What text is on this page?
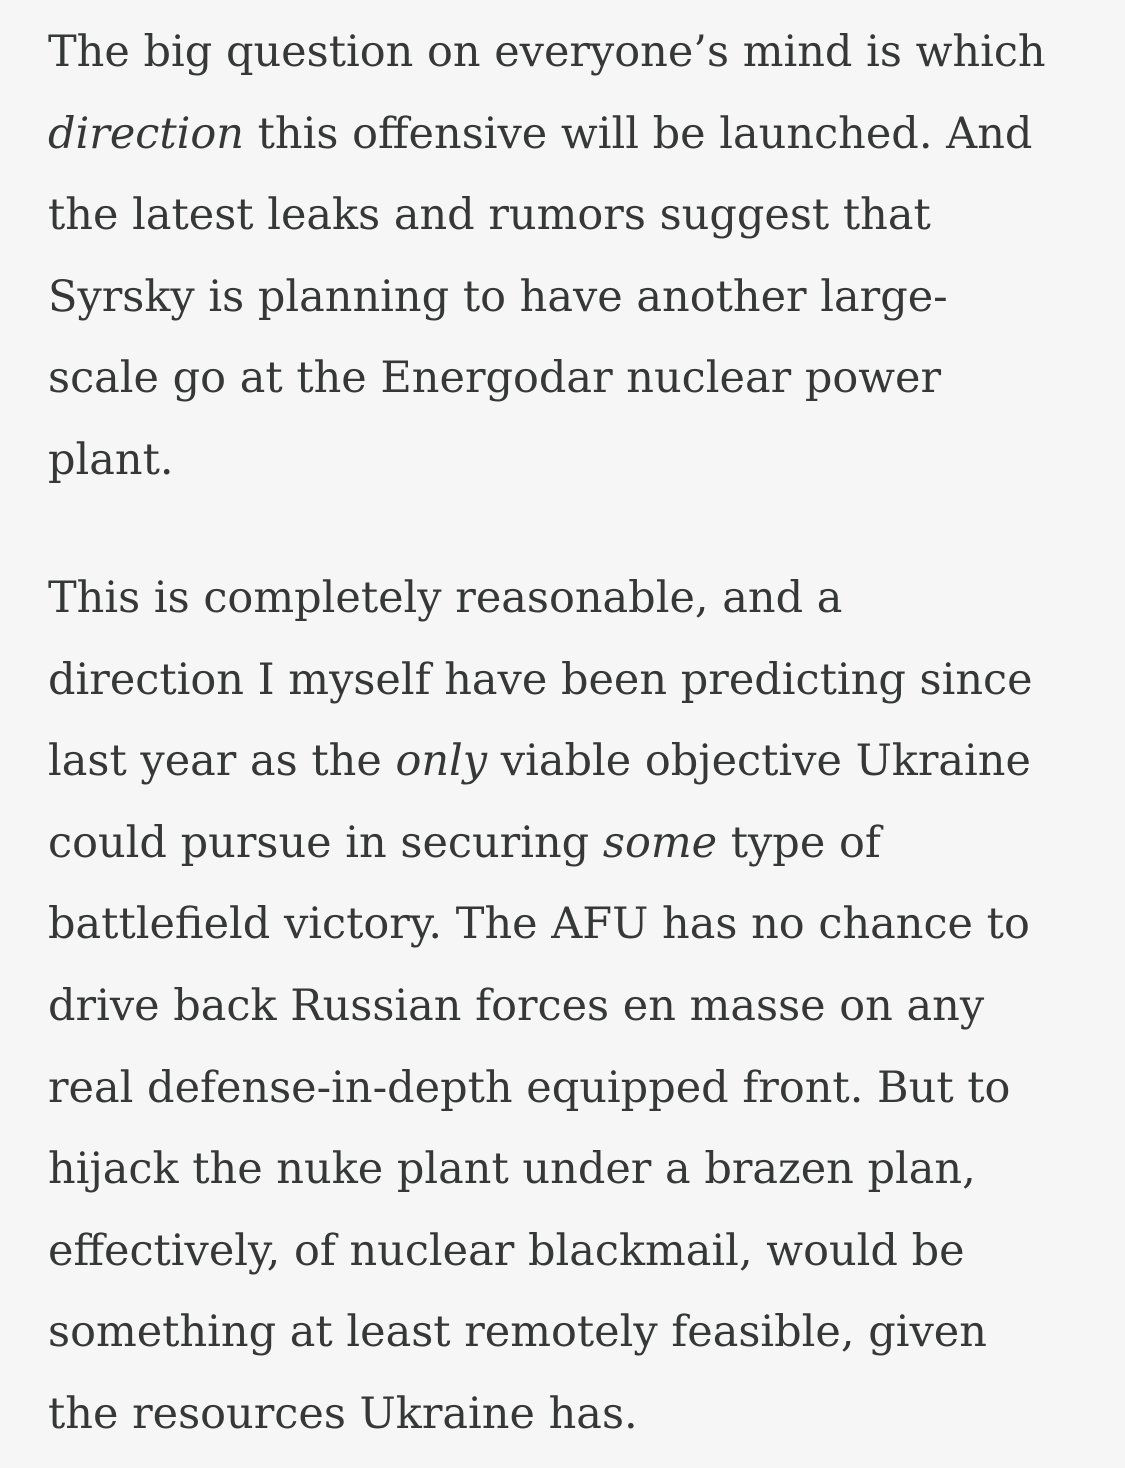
The big question on everyone’s mind is which
direction this offensive will be launched. And
the latest leaks and rumors suggest that
Syrsky is planning to have another large-
scale go at the Energodar nuclear power
plant.

This is completely reasonable, and a
direction I myself have been predicting since
last year as the only viable objective Ukraine
could pursue in securing some type of
battlefield victory. The AFU has no chance to
drive back Russian forces en masse on any
real defense-in-depth equipped front. But to
hijack the nuke plant under a brazen plan,
effectively, of nuclear blackmail, would be
something at least remotely feasible, given
the resources Ukraine has.
